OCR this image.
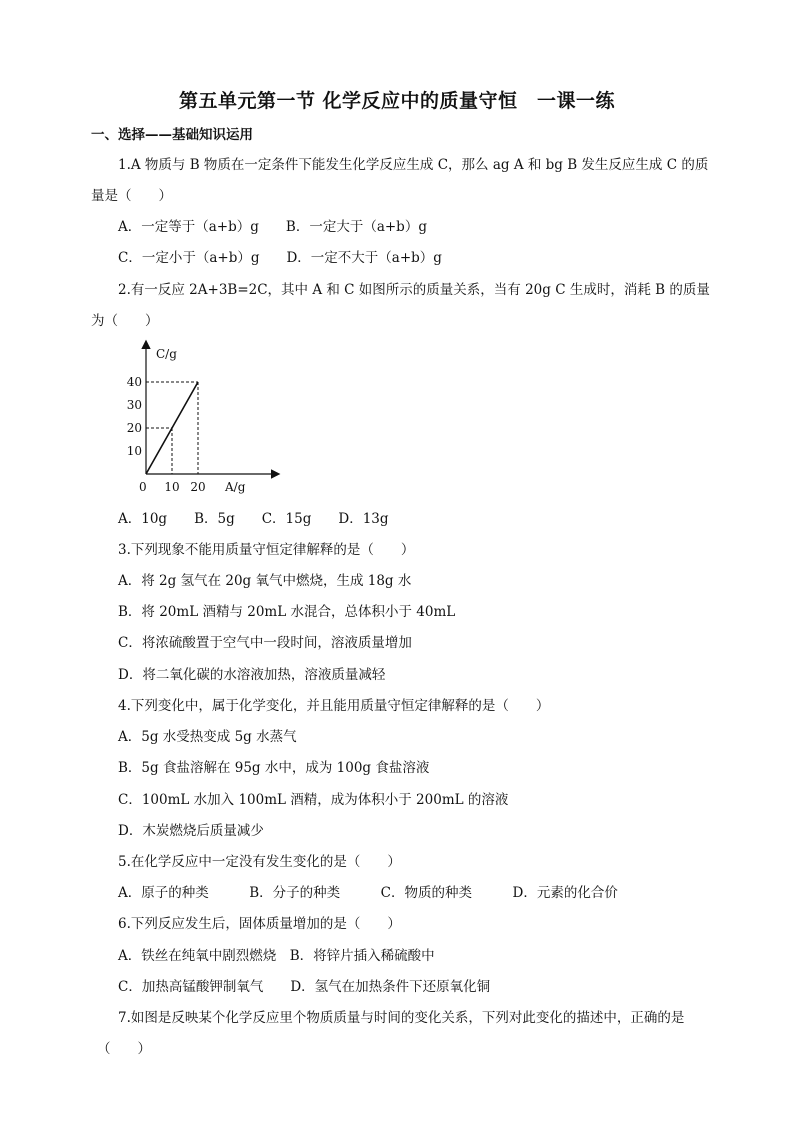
第五单元第一节 化学反应中的质量守恒　一课一练
一、选择——基础知识运用
1.A 物质与 B 物质在一定条件下能发生化学反应生成 C，那么 ag A 和 bg B 发生反应生成 C 的质
量是（　　）
A．一定等于（a+b）g　　B．一定大于（a+b）g
C．一定小于（a+b）g　　D．一定不大于（a+b）g
2.有一反应 2A+3B=2C，其中 A 和 C 如图所示的质量关系，当有 20g C 生成时，消耗 B 的质量
为（　　）
10
20
30
40
10 20
C/g
A/g
0
A．10g　　B．5g　　C．15g　　D．13g
3.下列现象不能用质量守恒定律解释的是（　　）
A．将 2g 氢气在 20g 氧气中燃烧，生成 18g 水
B．将 20mL 酒精与 20mL 水混合，总体积小于 40mL
C．将浓硫酸置于空气中一段时间，溶液质量增加
D．将二氧化碳的水溶液加热，溶液质量减轻
4.下列变化中，属于化学变化，并且能用质量守恒定律解释的是（　　）
A．5g 水受热变成 5g 水蒸气
B．5g 食盐溶解在 95g 水中，成为 100g 食盐溶液
C．100mL 水加入 100mL 酒精，成为体积小于 200mL 的溶液
D．木炭燃烧后质量减少
5.在化学反应中一定没有发生变化的是（　　）
A．原子的种类　　　B．分子的种类　　　C．物质的种类　　　D．元素的化合价
6.下列反应发生后，固体质量增加的是（　　）
A．铁丝在纯氧中剧烈燃烧　B．将锌片插入稀硫酸中
C．加热高锰酸钾制氧气　　D．氢气在加热条件下还原氧化铜
7.如图是反映某个化学反应里个物质质量与时间的变化关系，下列对此变化的描述中，正确的是
（　　）
